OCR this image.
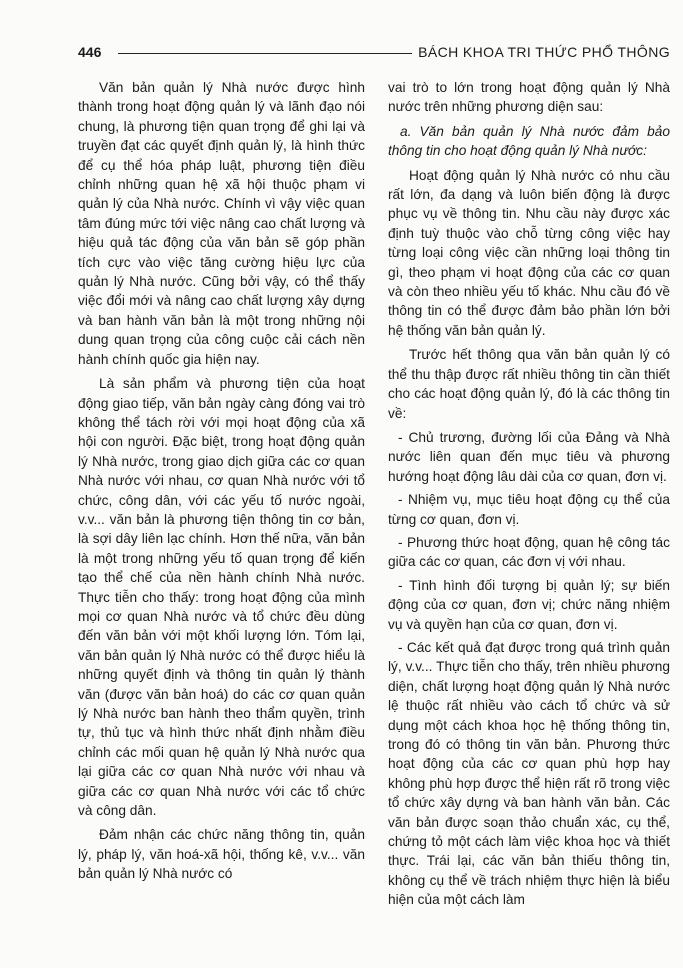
446	BÁCH KHOA TRI THỨC PHỔ THÔNG

Văn bản quản lý Nhà nước được hình thành trong hoạt động quản lý và lãnh đạo nói chung, là phương tiện quan trọng để ghi lại và truyền đạt các quyết định quản lý, là hình thức để cụ thể hóa pháp luật, phương tiện điều chỉnh những quan hệ xã hội thuộc phạm vi quản lý của Nhà nước. Chính vì vậy việc quan tâm đúng mức tới việc nâng cao chất lượng và hiệu quả tác động của văn bản sẽ góp phần tích cực vào việc tăng cường hiệu lực của quản lý Nhà nước. Cũng bởi vậy, có thể thấy việc đổi mới và nâng cao chất lượng xây dựng và ban hành văn bản là một trong những nội dung quan trọng của công cuộc cải cách nền hành chính quốc gia hiện nay.

Là sản phẩm và phương tiện của hoạt động giao tiếp, văn bản ngày càng đóng vai trò không thể tách rời với mọi hoạt động của xã hội con người. Đặc biệt, trong hoạt động quản lý Nhà nước, trong giao dịch giữa các cơ quan Nhà nước với nhau, cơ quan Nhà nước với tổ chức, công dân, với các yếu tố nước ngoài, v.v... văn bản là phương tiện thông tin cơ bản, là sợi dây liên lạc chính. Hơn thế nữa, văn bản là một trong những yếu tố quan trọng để kiến tạo thể chế của nền hành chính Nhà nước. Thực tiễn cho thấy: trong hoạt động của mình mọi cơ quan Nhà nước và tổ chức đều dùng đến văn bản với một khối lượng lớn. Tóm lại, văn bản quản lý Nhà nước có thể được hiểu là những quyết định và thông tin quản lý thành văn (được văn bản hoá) do các cơ quan quản lý Nhà nước ban hành theo thẩm quyền, trình tự, thủ tục và hình thức nhất định nhằm điều chỉnh các mối quan hệ quản lý Nhà nước qua lại giữa các cơ quan Nhà nước với nhau và giữa các cơ quan Nhà nước với các tổ chức và công dân.

Đảm nhận các chức năng thông tin, quản lý, pháp lý, văn hoá-xã hội, thống kê, v.v... văn bản quản lý Nhà nước có

vai trò to lớn trong hoạt động quản lý Nhà nước trên những phương diện sau:

a. Văn bản quản lý Nhà nước đảm bảo thông tin cho hoạt động quản lý Nhà nước:

Hoạt động quản lý Nhà nước có nhu cầu rất lớn, đa dạng và luôn biến động là được phục vụ về thông tin. Nhu cầu này được xác định tuỳ thuộc vào chỗ từng công việc hay từng loại công việc cần những loại thông tin gì, theo phạm vi hoạt động của các cơ quan và còn theo nhiều yếu tố khác. Nhu cầu đó về thông tin có thể được đảm bảo phần lớn bởi hệ thống văn bản quản lý.

Trước hết thông qua văn bản quản lý có thể thu thập được rất nhiều thông tin cần thiết cho các hoạt động quản lý, đó là các thông tin về:

- Chủ trương, đường lối của Đảng và Nhà nước liên quan đến mục tiêu và phương hướng hoạt động lâu dài của cơ quan, đơn vị.

- Nhiệm vụ, mục tiêu hoạt động cụ thể của từng cơ quan, đơn vị.

- Phương thức hoạt động, quan hệ công tác giữa các cơ quan, các đơn vị với nhau.

- Tình hình đối tượng bị quản lý; sự biến động của cơ quan, đơn vị; chức năng nhiệm vụ và quyền hạn của cơ quan, đơn vị.

- Các kết quả đạt được trong quá trình quản lý, v.v... Thực tiễn cho thấy, trên nhiều phương diện, chất lượng hoạt động quản lý Nhà nước lệ thuộc rất nhiều vào cách tổ chức và sử dụng một cách khoa học hệ thống thông tin, trong đó có thông tin văn bản. Phương thức hoạt động của các cơ quan phù hợp hay không phù hợp được thể hiện rất rõ trong việc tổ chức xây dựng và ban hành văn bản. Các văn bản được soạn thảo chuẩn xác, cụ thể, chứng tỏ một cách làm việc khoa học và thiết thực. Trái lại, các văn bản thiếu thông tin, không cụ thể về trách nhiệm thực hiện là biểu hiện của một cách làm
